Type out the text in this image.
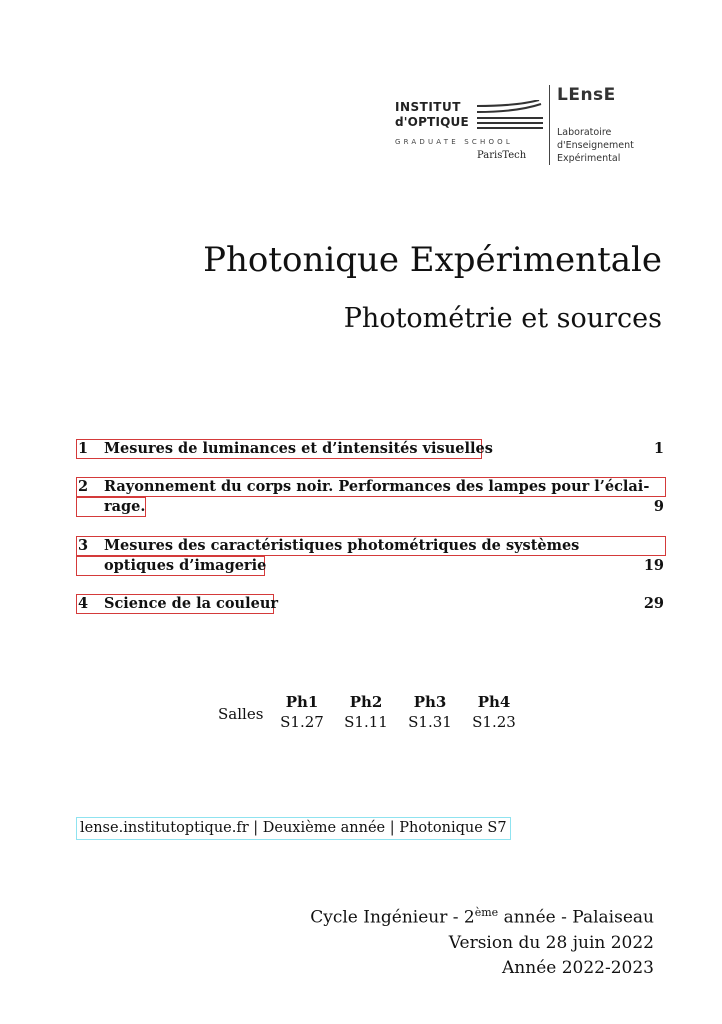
INSTITUT
d'OPTIQUE
GRADUATE SCHOOL
ParisTech
LEnsE
Laboratoire
d'Enseignement
Expérimental
Photonique Expérimentale
Photométrie et sources
1 Mesures de luminances et d’intensités visuelles	1
2 Rayonnement du corps noir. Performances des lampes pour l’éclai-
rage.	9
3 Mesures des caractéristiques photométriques de systèmes
optiques d’imagerie	19
4 Science de la couleur	29
Salles
Ph1	Ph2	Ph3	Ph4
S1.27	S1.11	S1.31	S1.23
lense.institutoptique.fr | Deuxième année | Photonique S7
Cycle Ingénieur - 2ème année - Palaiseau
Version du 28 juin 2022
Année 2022-2023
